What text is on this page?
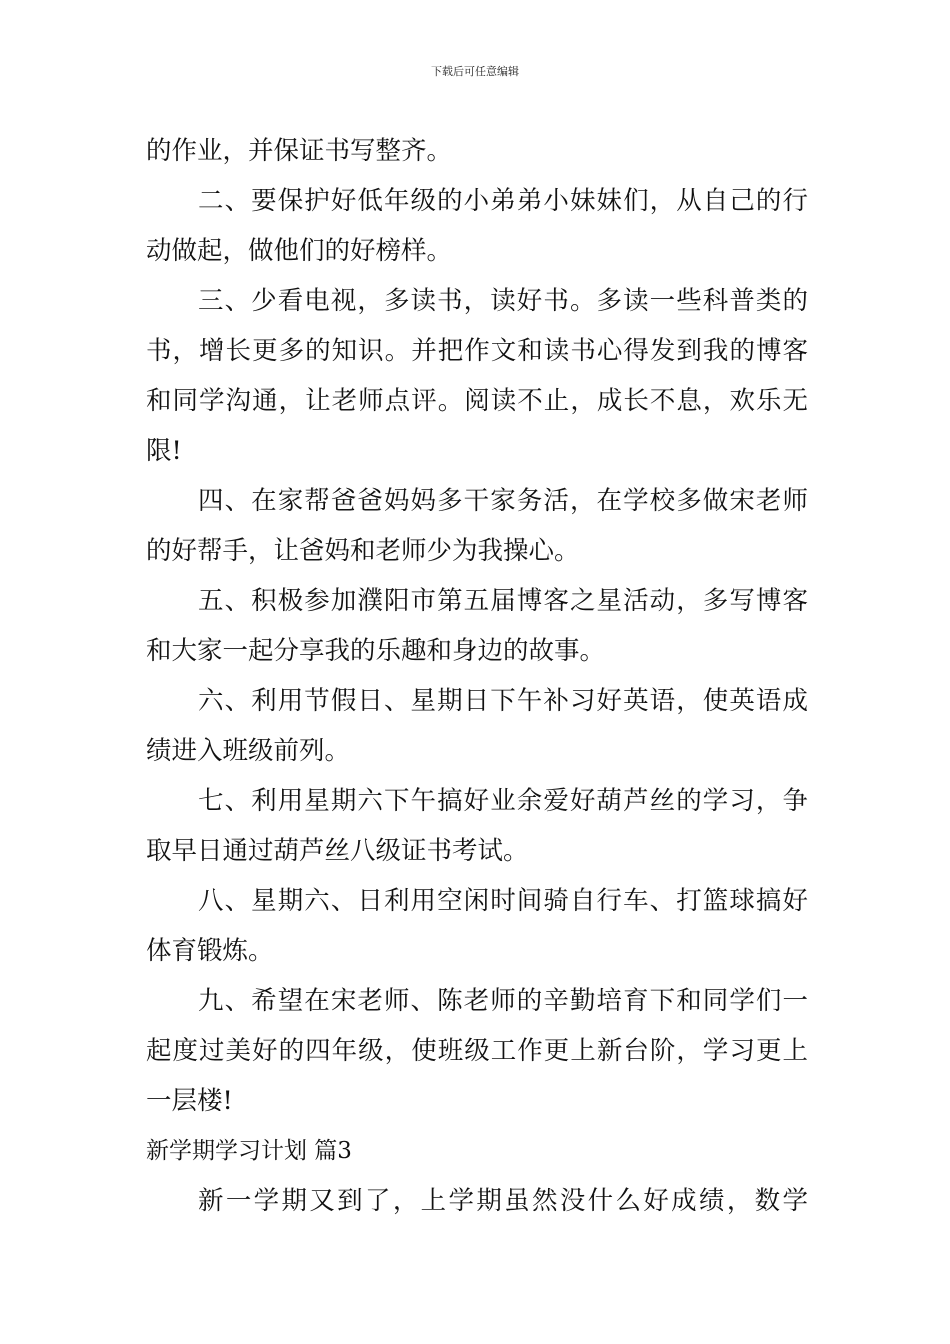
下载后可任意编辑
的作业，并保证书写整齐。
二、要保护好低年级的小弟弟小妹妹们，从自己的行
动做起，做他们的好榜样。
三、少看电视，多读书，读好书。多读一些科普类的
书，增长更多的知识。并把作文和读书心得发到我的博客
和同学沟通，让老师点评。阅读不止，成长不息，欢乐无
限!
四、在家帮爸爸妈妈多干家务活，在学校多做宋老师
的好帮手，让爸妈和老师少为我操心。
五、积极参加濮阳市第五届博客之星活动，多写博客
和大家一起分享我的乐趣和身边的故事。
六、利用节假日、星期日下午补习好英语，使英语成
绩进入班级前列。
七、利用星期六下午搞好业余爱好葫芦丝的学习，争
取早日通过葫芦丝八级证书考试。
八、星期六、日利用空闲时间骑自行车、打篮球搞好
体育锻炼。
九、希望在宋老师、陈老师的辛勤培育下和同学们一
起度过美好的四年级，使班级工作更上新台阶，学习更上
一层楼!
新学期学习计划 篇3
新一学期又到了，上学期虽然没什么好成绩，数学
